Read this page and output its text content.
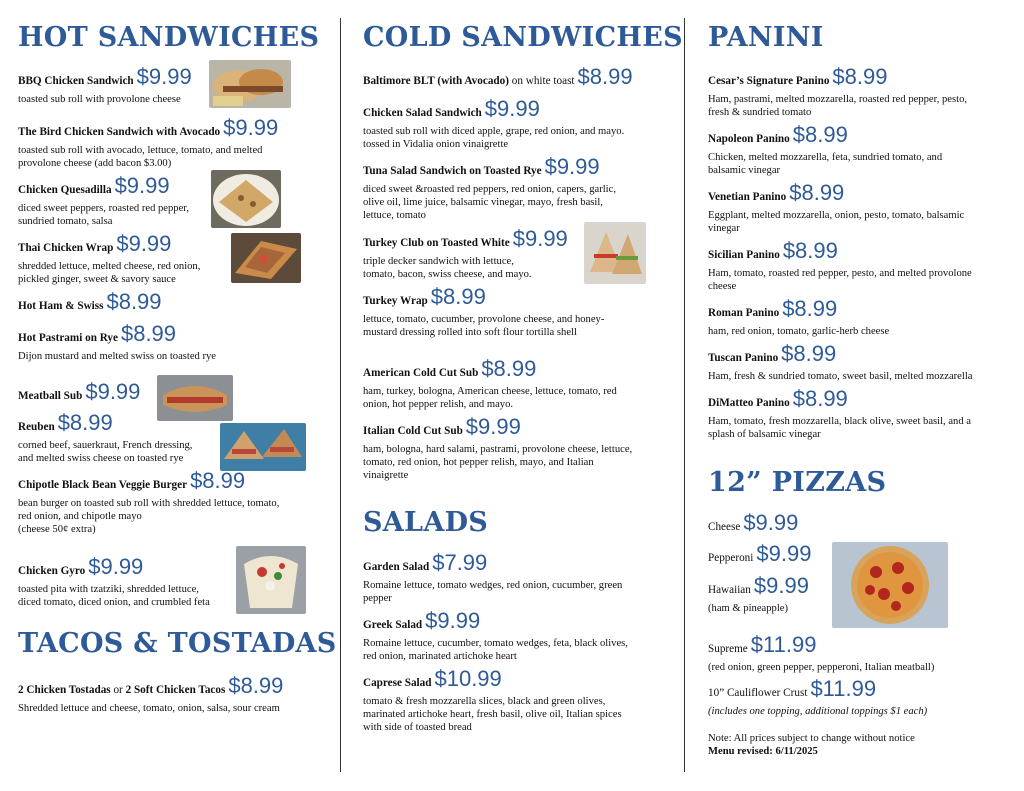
HOT SANDWICHES
BBQ Chicken Sandwich $9.99
toasted sub roll with provolone cheese
The Bird Chicken Sandwich with Avocado $9.99
toasted sub roll with avocado, lettuce, tomato, and melted
provolone cheese (add bacon $3.00)
Chicken Quesadilla $9.99
diced sweet peppers, roasted red pepper,
sundried tomato, salsa
Thai Chicken Wrap $9.99
shredded lettuce, melted cheese, red onion,
pickled ginger, sweet & savory sauce
Hot Ham & Swiss $8.99
Hot Pastrami on Rye $8.99
Dijon mustard and melted swiss on toasted rye
Meatball Sub $9.99
Reuben $8.99
corned beef, sauerkraut, French dressing,
and melted swiss cheese on toasted rye
Chipotle Black Bean Veggie Burger $8.99
bean burger on toasted sub roll with shredded lettuce, tomato,
red onion, and chipotle mayo
(cheese 50¢ extra)
Chicken Gyro $9.99
toasted pita with tzatziki, shredded lettuce,
diced tomato, diced onion, and crumbled feta
TACOS & TOSTADAS
2 Chicken Tostadas or 2 Soft Chicken Tacos $8.99
Shredded lettuce and cheese, tomato, onion, salsa, sour cream
COLD SANDWICHES
Baltimore BLT (with Avocado) on white toast $8.99
Chicken Salad Sandwich $9.99
toasted sub roll with diced apple, grape, red onion, and mayo.
tossed in Vidalia onion vinaigrette
Tuna Salad Sandwich on Toasted Rye $9.99
diced sweet &roasted red peppers, red onion, capers, garlic,
olive oil, lime juice, balsamic vinegar, mayo, fresh basil,
lettuce, tomato
Turkey Club on Toasted White $9.99
triple decker sandwich with lettuce,
tomato, bacon, swiss cheese, and mayo.
Turkey Wrap $8.99
lettuce, tomato, cucumber, provolone cheese, and honey-
mustard dressing rolled into soft flour tortilla shell
American Cold Cut Sub $8.99
ham, turkey, bologna, American cheese, lettuce, tomato, red
onion, hot pepper relish, and mayo.
Italian Cold Cut Sub $9.99
ham, bologna, hard salami, pastrami, provolone cheese, lettuce,
tomato, red onion, hot pepper relish, mayo, and Italian
vinaigrette
SALADS
Garden Salad $7.99
Romaine lettuce, tomato wedges, red onion, cucumber, green
pepper
Greek Salad $9.99
Romaine lettuce, cucumber, tomato wedges, feta, black olives,
red onion, marinated artichoke heart
Caprese Salad $10.99
tomato & fresh mozzarella slices, black and green olives,
marinated artichoke heart, fresh basil, olive oil, Italian spices
with side of toasted bread
PANINI
Cesar’s Signature Panino $8.99
Ham, pastrami, melted mozzarella, roasted red pepper, pesto,
fresh & sundried tomato
Napoleon Panino $8.99
Chicken, melted mozzarella, feta, sundried tomato, and
balsamic vinegar
Venetian Panino $8.99
Eggplant, melted mozzarella, onion, pesto, tomato, balsamic
vinegar
Sicilian Panino $8.99
Ham, tomato, roasted red pepper, pesto, and melted provolone
cheese
Roman Panino $8.99
ham, red onion, tomato, garlic-herb cheese
Tuscan Panino $8.99
Ham, fresh & sundried tomato, sweet basil, melted mozzarella
DiMatteo Panino $8.99
Ham, tomato, fresh mozzarella, black olive, sweet basil, and a
splash of balsamic vinegar
12” PIZZAS
Cheese $9.99
Pepperoni $9.99
Hawaiian $9.99
(ham & pineapple)
Supreme $11.99
(red onion, green pepper, pepperoni, Italian meatball)
10” Cauliflower Crust $11.99
(includes one topping, additional toppings $1 each)
Note: All prices subject to change without notice
Menu revised: 6/11/2025
